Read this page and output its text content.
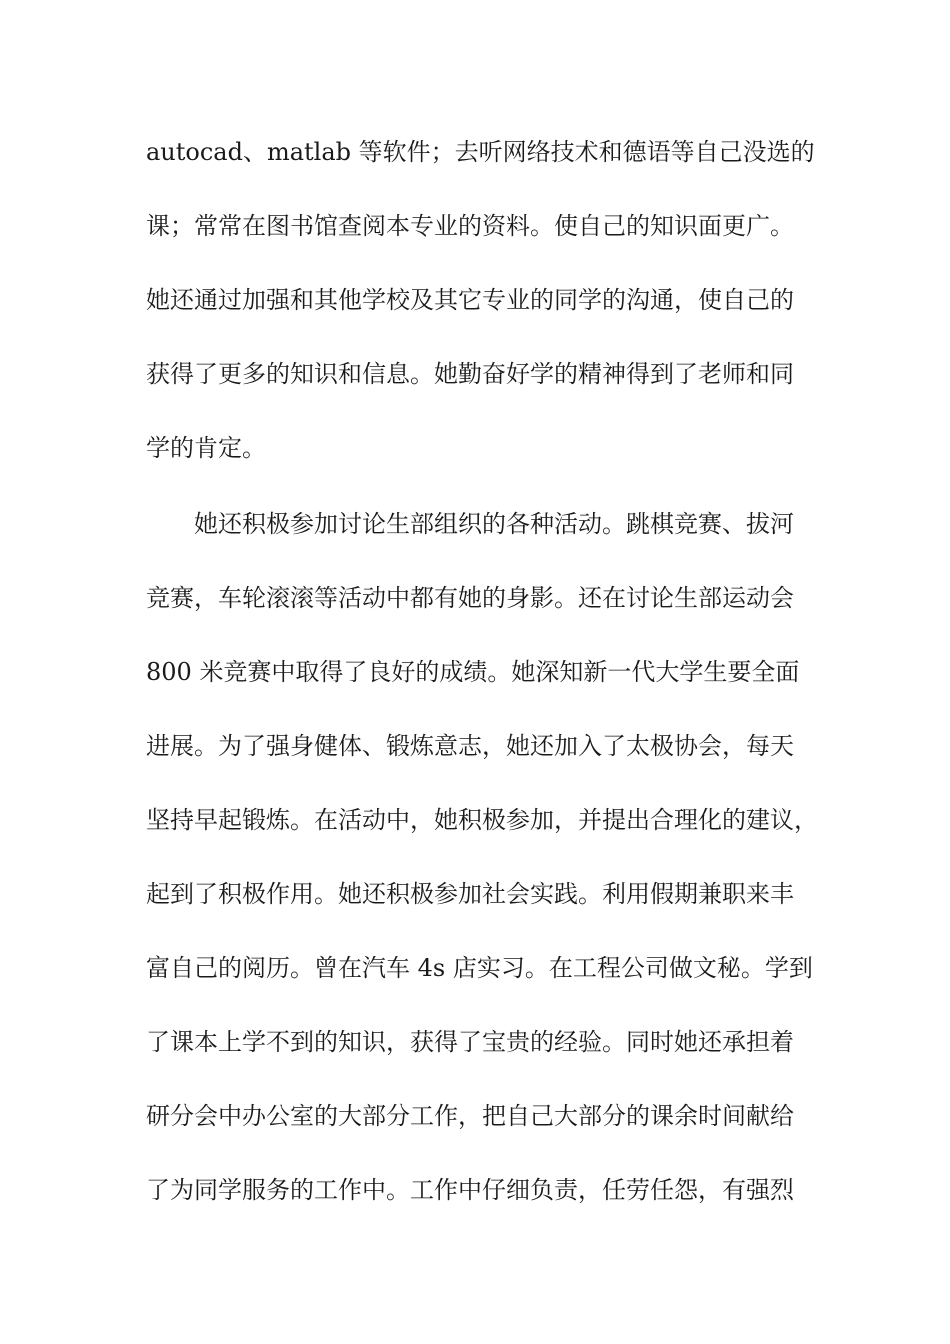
autocad、matlab 等软件；去听网络技术和德语等自己没选的
课；常常在图书馆查阅本专业的资料。使自己的知识面更广。
她还通过加强和其他学校及其它专业的同学的沟通，使自己的
获得了更多的知识和信息。她勤奋好学的精神得到了老师和同
学的肯定。
她还积极参加讨论生部组织的各种活动。跳棋竞赛、拔河
竞赛，车轮滚滚等活动中都有她的身影。还在讨论生部运动会
800 米竞赛中取得了良好的成绩。她深知新一代大学生要全面
进展。为了强身健体、锻炼意志，她还加入了太极协会，每天
坚持早起锻炼。在活动中，她积极参加，并提出合理化的建议，
起到了积极作用。她还积极参加社会实践。利用假期兼职来丰
富自己的阅历。曾在汽车 4s 店实习。在工程公司做文秘。学到
了课本上学不到的知识，获得了宝贵的经验。同时她还承担着
研分会中办公室的大部分工作，把自己大部分的课余时间献给
了为同学服务的工作中。工作中仔细负责，任劳任怨，有强烈
